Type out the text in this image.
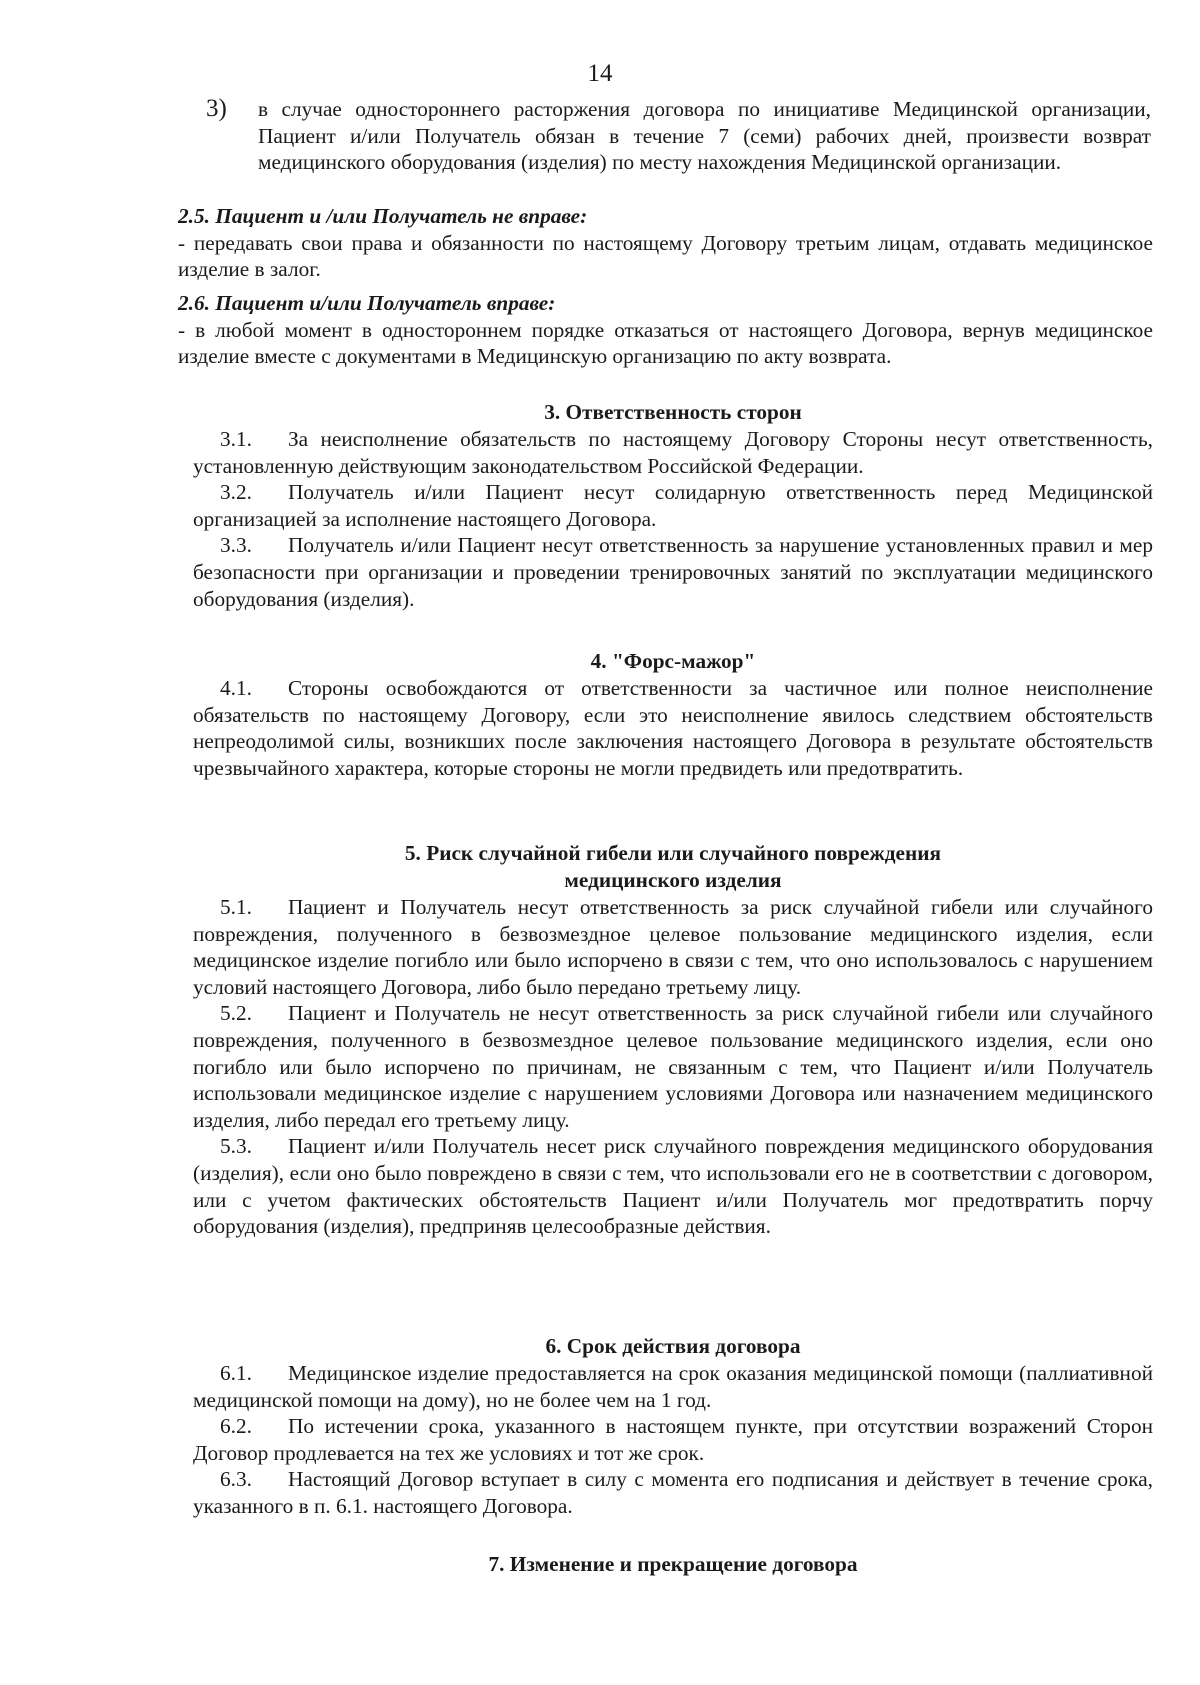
14
3) в случае одностороннего расторжения договора по инициативе Медицинской организации, Пациент и/или Получатель обязан в течение 7 (семи) рабочих дней, произвести возврат медицинского оборудования (изделия) по месту нахождения Медицинской организации.

2.5. Пациент и /или Получатель не вправе:

- передавать свои права и обязанности по настоящему Договору третьим лицам, отдавать медицинское изделие в залог.

2.6. Пациент и/или Получатель вправе:

- в любой момент в одностороннем порядке отказаться от настоящего Договора, вернув медицинское изделие вместе с документами в Медицинскую организацию по акту возврата.

3. Ответственность сторон

3.1. За неисполнение обязательств по настоящему Договору Стороны несут ответственность, установленную действующим законодательством Российской Федерации.

3.2. Получатель и/или Пациент несут солидарную ответственность перед Медицинской организацией за исполнение настоящего Договора.

3.3. Получатель и/или Пациент несут ответственность за нарушение установленных правил и мер безопасности при организации и проведении тренировочных занятий по эксплуатации медицинского оборудования (изделия).

4. "Форс-мажор"

4.1. Стороны освобождаются от ответственности за частичное или полное неисполнение обязательств по настоящему Договору, если это неисполнение явилось следствием обстоятельств непреодолимой силы, возникших после заключения настоящего Договора в результате обстоятельств чрезвычайного характера, которые стороны не могли предвидеть или предотвратить.

5. Риск случайной гибели или случайного повреждения

медицинского изделия

5.1. Пациент и Получатель несут ответственность за риск случайной гибели или случайного повреждения, полученного в безвозмездное целевое пользование медицинского изделия, если медицинское изделие погибло или было испорчено в связи с тем, что оно использовалось с нарушением условий настоящего Договора, либо было передано третьему лицу.

5.2. Пациент и Получатель не несут ответственность за риск случайной гибели или случайного повреждения, полученного в безвозмездное целевое пользование медицинского изделия, если оно погибло или было испорчено по причинам, не связанным с тем, что Пациент и/или Получатель использовали медицинское изделие с нарушением условиями Договора или назначением медицинского изделия, либо передал его третьему лицу.

5.3. Пациент и/или Получатель несет риск случайного повреждения медицинского оборудования (изделия), если оно было повреждено в связи с тем, что использовали его не в соответствии с договором, или с учетом фактических обстоятельств Пациент и/или Получатель мог предотвратить порчу оборудования (изделия), предприняв целесообразные действия.

6. Срок действия договора

6.1. Медицинское изделие предоставляется на срок оказания медицинской помощи (паллиативной медицинской помощи на дому), но не более чем на 1 год.

6.2. По истечении срока, указанного в настоящем пункте, при отсутствии возражений Сторон Договор продлевается на тех же условиях и тот же срок.

6.3. Настоящий Договор вступает в силу с момента его подписания и действует в течение срока, указанного в п. 6.1. настоящего Договора.

7. Изменение и прекращение договора
